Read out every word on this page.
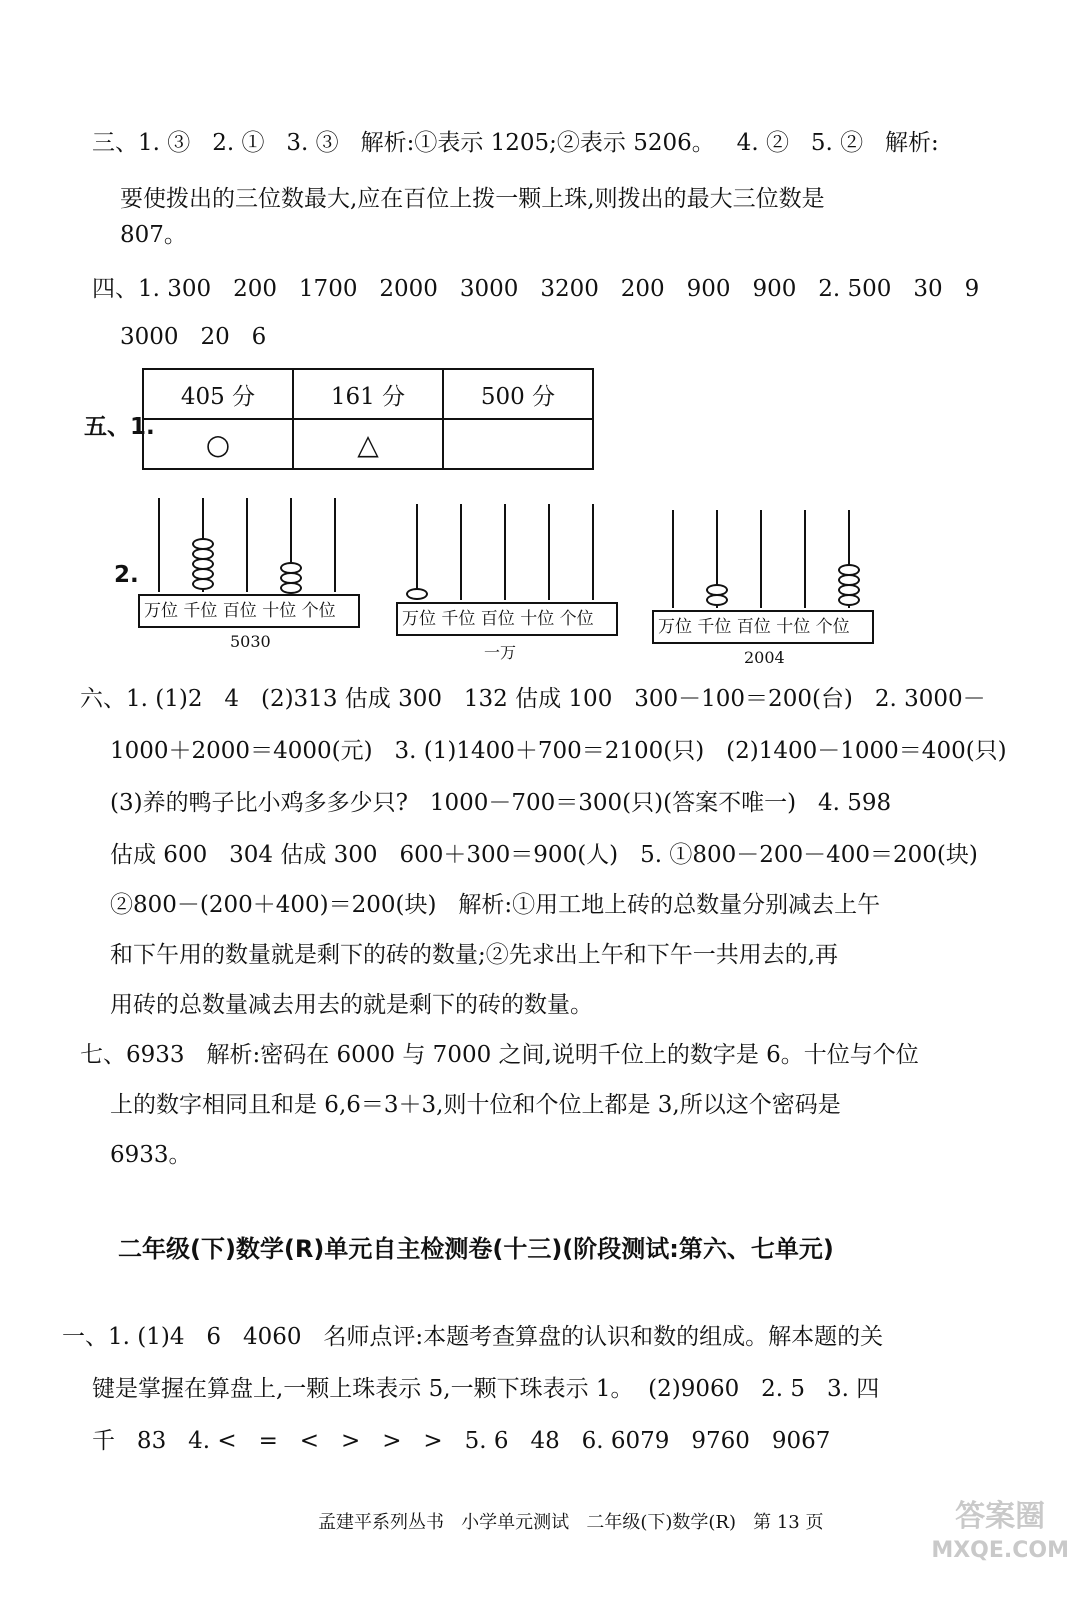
三、1. ③   2. ①   3. ③   解析:①表示 1205;②表示 5206。   4. ②   5. ②   解析:
要使拨出的三位数最大,应在百位上拨一颗上珠,则拨出的最大三位数是
807。
四、1. 300   200   1700   2000   3000   3200   200   900   900   2. 500   30   9
3000   20   6
五、1.
405 分	161 分	500 分
○	△	
2.
万位 千位 百位 十位 个位
5030
万位 千位 百位 十位 个位
一万
万位 千位 百位 十位 个位
2004
六、1. (1)2   4   (2)313 估成 300   132 估成 100   300－100＝200(台)   2. 3000－
1000＋2000＝4000(元)   3. (1)1400＋700＝2100(只)   (2)1400－1000＝400(只)
(3)养的鸭子比小鸡多多少只?   1000－700＝300(只)(答案不唯一)   4. 598
估成 600   304 估成 300   600＋300＝900(人)   5. ①800－200－400＝200(块)
②800－(200＋400)＝200(块)   解析:①用工地上砖的总数量分别减去上午
和下午用的数量就是剩下的砖的数量;②先求出上午和下午一共用去的,再
用砖的总数量减去用去的就是剩下的砖的数量。
七、6933   解析:密码在 6000 与 7000 之间,说明千位上的数字是 6。十位与个位
上的数字相同且和是 6,6＝3＋3,则十位和个位上都是 3,所以这个密码是
6933。
二年级(下)数学(R)单元自主检测卷(十三)(阶段测试:第六、七单元)
一、1. (1)4   6   4060   名师点评:本题考查算盘的认识和数的组成。解本题的关
键是掌握在算盘上,一颗上珠表示 5,一颗下珠表示 1。  (2)9060   2. 5   3. 四
千   83   4. <   =   <   >   >   >   5. 6   48   6. 6079   9760   9067
孟建平系列丛书   小学单元测试   二年级(下)数学(R)   第 13 页	答案圈
MXQE.COM
